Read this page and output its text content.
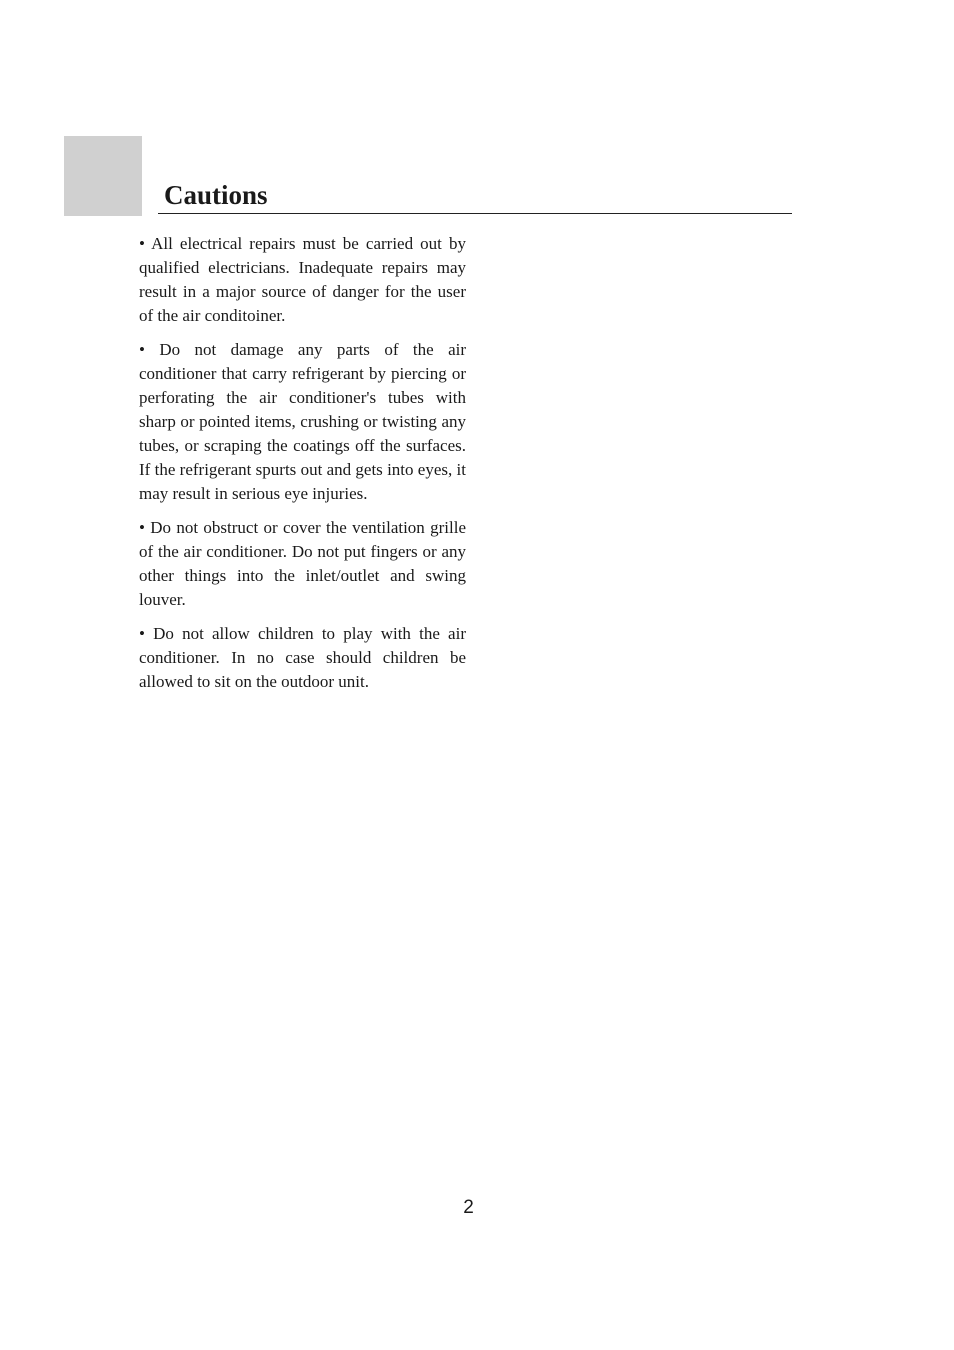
Cautions
• All electrical repairs must be carried out by qualified electricians. Inadequate repairs may result in a major source of danger for the user of the air conditoiner.
• Do not damage any parts of the air conditioner that carry refrigerant by piercing or perforating the air conditioner's tubes with sharp or pointed items, crushing or twisting any tubes, or scraping the coatings off the surfaces. If the refrigerant spurts out and gets into eyes, it may result in serious eye injuries.
• Do not obstruct or cover the ventilation grille of the air conditioner. Do not put fingers or any other things into the inlet/outlet and swing louver.
• Do not allow children to play with the air conditioner. In no case should children be allowed to sit on the outdoor unit.
2
